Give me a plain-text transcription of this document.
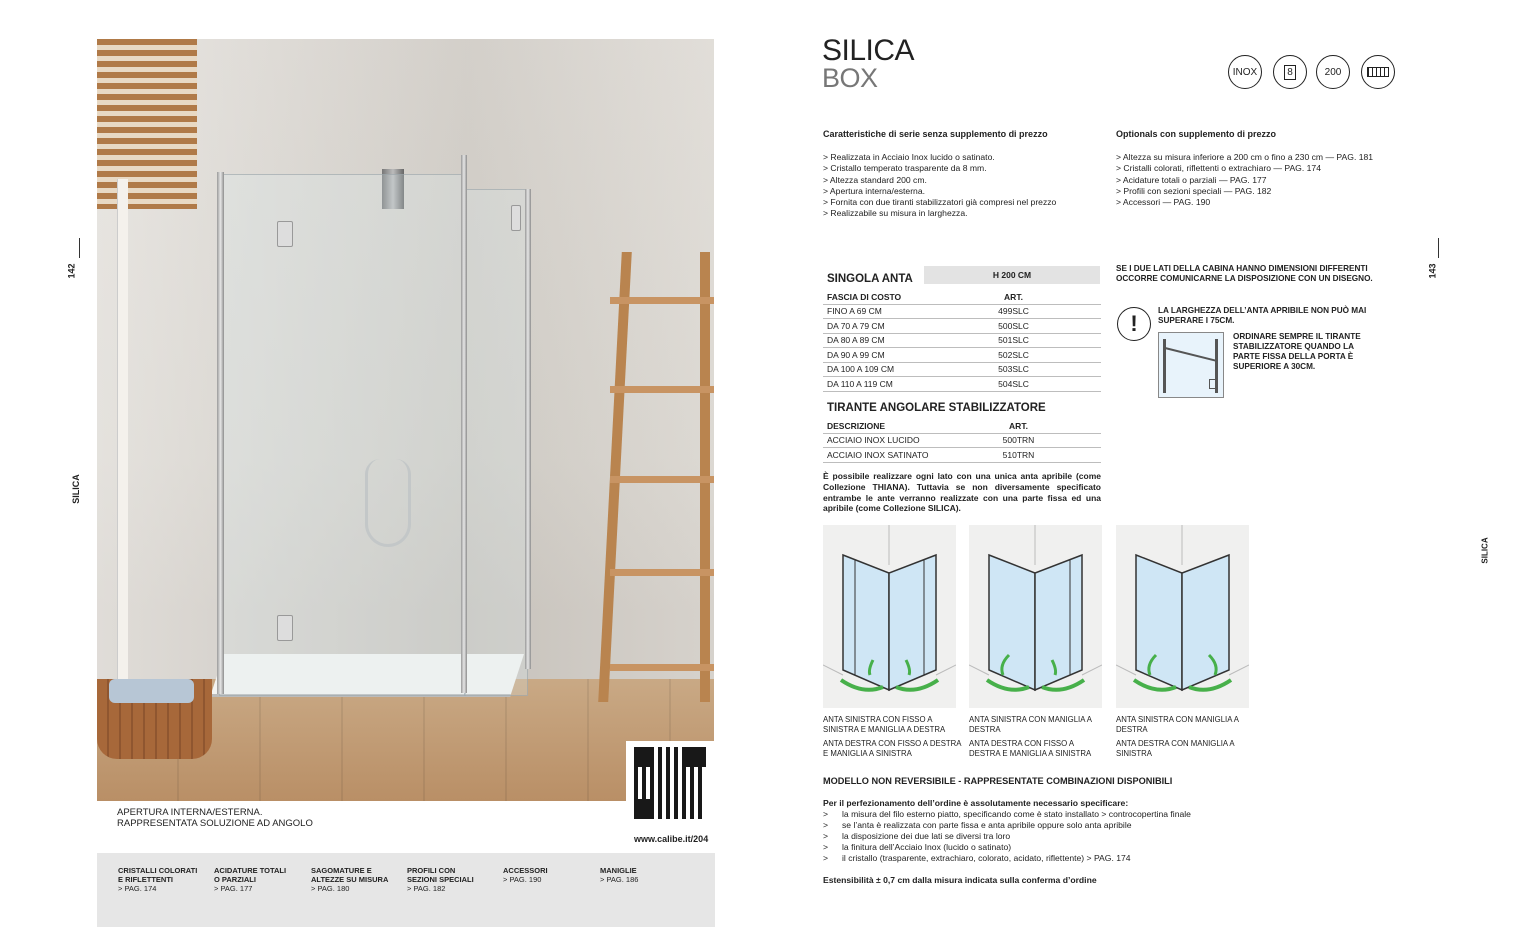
142
SILICA
www.calibe.it/204
APERTURA INTERNA/ESTERNA.
RAPPRESENTATA SOLUZIONE AD ANGOLO
CRISTALLI COLORATI
E RIFLETTENTI
> PAG. 174
ACIDATURE TOTALI
O PARZIALI
> PAG. 177
SAGOMATURE E
ALTEZZE SU MISURA
> PAG. 180
PROFILI CON
SEZIONI SPECIALI
> PAG. 182
ACCESSORI
> PAG. 190
MANIGLIE
> PAG. 186
SILICA
BOX	INOX	8	200
143
SILICA
Caratteristiche di serie senza supplemento di prezzo
> Realizzata in Acciaio Inox lucido o satinato.
> Cristallo temperato trasparente da 8 mm.
> Altezza standard 200 cm.
> Apertura interna/esterna.
> Fornita con due tiranti stabilizzatori già compresi nel prezzo
> Realizzabile su misura in larghezza.
Optionals con supplemento di prezzo
> Altezza su misura inferiore a 200 cm o fino a 230 cm — PAG. 181
> Cristalli colorati, riflettenti o extrachiaro — PAG. 174
> Acidature totali o parziali — PAG. 177
> Profili con sezioni speciali — PAG. 182
> Accessori — PAG. 190
SINGOLA ANTA	H 200 CM
FASCIA DI COSTO	ART.
FINO A 69 CM	499SLC
DA 70 A 79 CM	500SLC
DA 80 A 89 CM	501SLC
DA 90 A 99 CM	502SLC
DA 100 A 109 CM	503SLC
DA 110 A 119 CM	504SLC
TIRANTE ANGOLARE STABILIZZATORE
DESCRIZIONE	ART.
ACCIAIO INOX LUCIDO	500TRN
ACCIAIO INOX SATINATO	510TRN
SE I DUE LATI DELLA CABINA HANNO DIMENSIONI DIFFERENTI
OCCORRE COMUNICARNE LA DISPOSIZIONE CON UN DISEGNO.
!
LA LARGHEZZA DELL’ANTA APRIBILE NON PUÒ MAI
SUPERARE I 75CM.
ORDINARE SEMPRE IL TIRANTE
STABILIZZATORE QUANDO LA
PARTE FISSA DELLA PORTA È
SUPERIORE A 30CM.
È possibile realizzare ogni lato con una unica anta apribile (come Collezione THIANA). Tuttavia se non diversamente specificato entrambe le ante verranno realizzate con una parte fissa ed una apribile (come Collezione SILICA).
ANTA SINISTRA CON FISSO A
SINISTRA E MANIGLIA A DESTRA
ANTA DESTRA CON FISSO A DESTRA
E MANIGLIA A SINISTRA
ANTA SINISTRA CON MANIGLIA A
DESTRA
ANTA DESTRA CON FISSO A
DESTRA E MANIGLIA A SINISTRA
ANTA SINISTRA CON MANIGLIA A
DESTRA
ANTA DESTRA CON MANIGLIA A
SINISTRA
MODELLO NON REVERSIBILE - RAPPRESENTATE COMBINAZIONI DISPONIBILI
Per il perfezionamento dell’ordine è assolutamente necessario specificare:
> la misura del filo esterno piatto, specificando come è stato installato > controcopertina finale
> se l’anta è realizzata con parte fissa e anta apribile oppure solo anta apribile
> la disposizione dei due lati se diversi tra loro
> la finitura dell’Acciaio Inox (lucido o satinato)
> il cristallo (trasparente, extrachiaro, colorato, acidato, riflettente) > PAG. 174
Estensibilità ± 0,7 cm dalla misura indicata sulla conferma d’ordine
